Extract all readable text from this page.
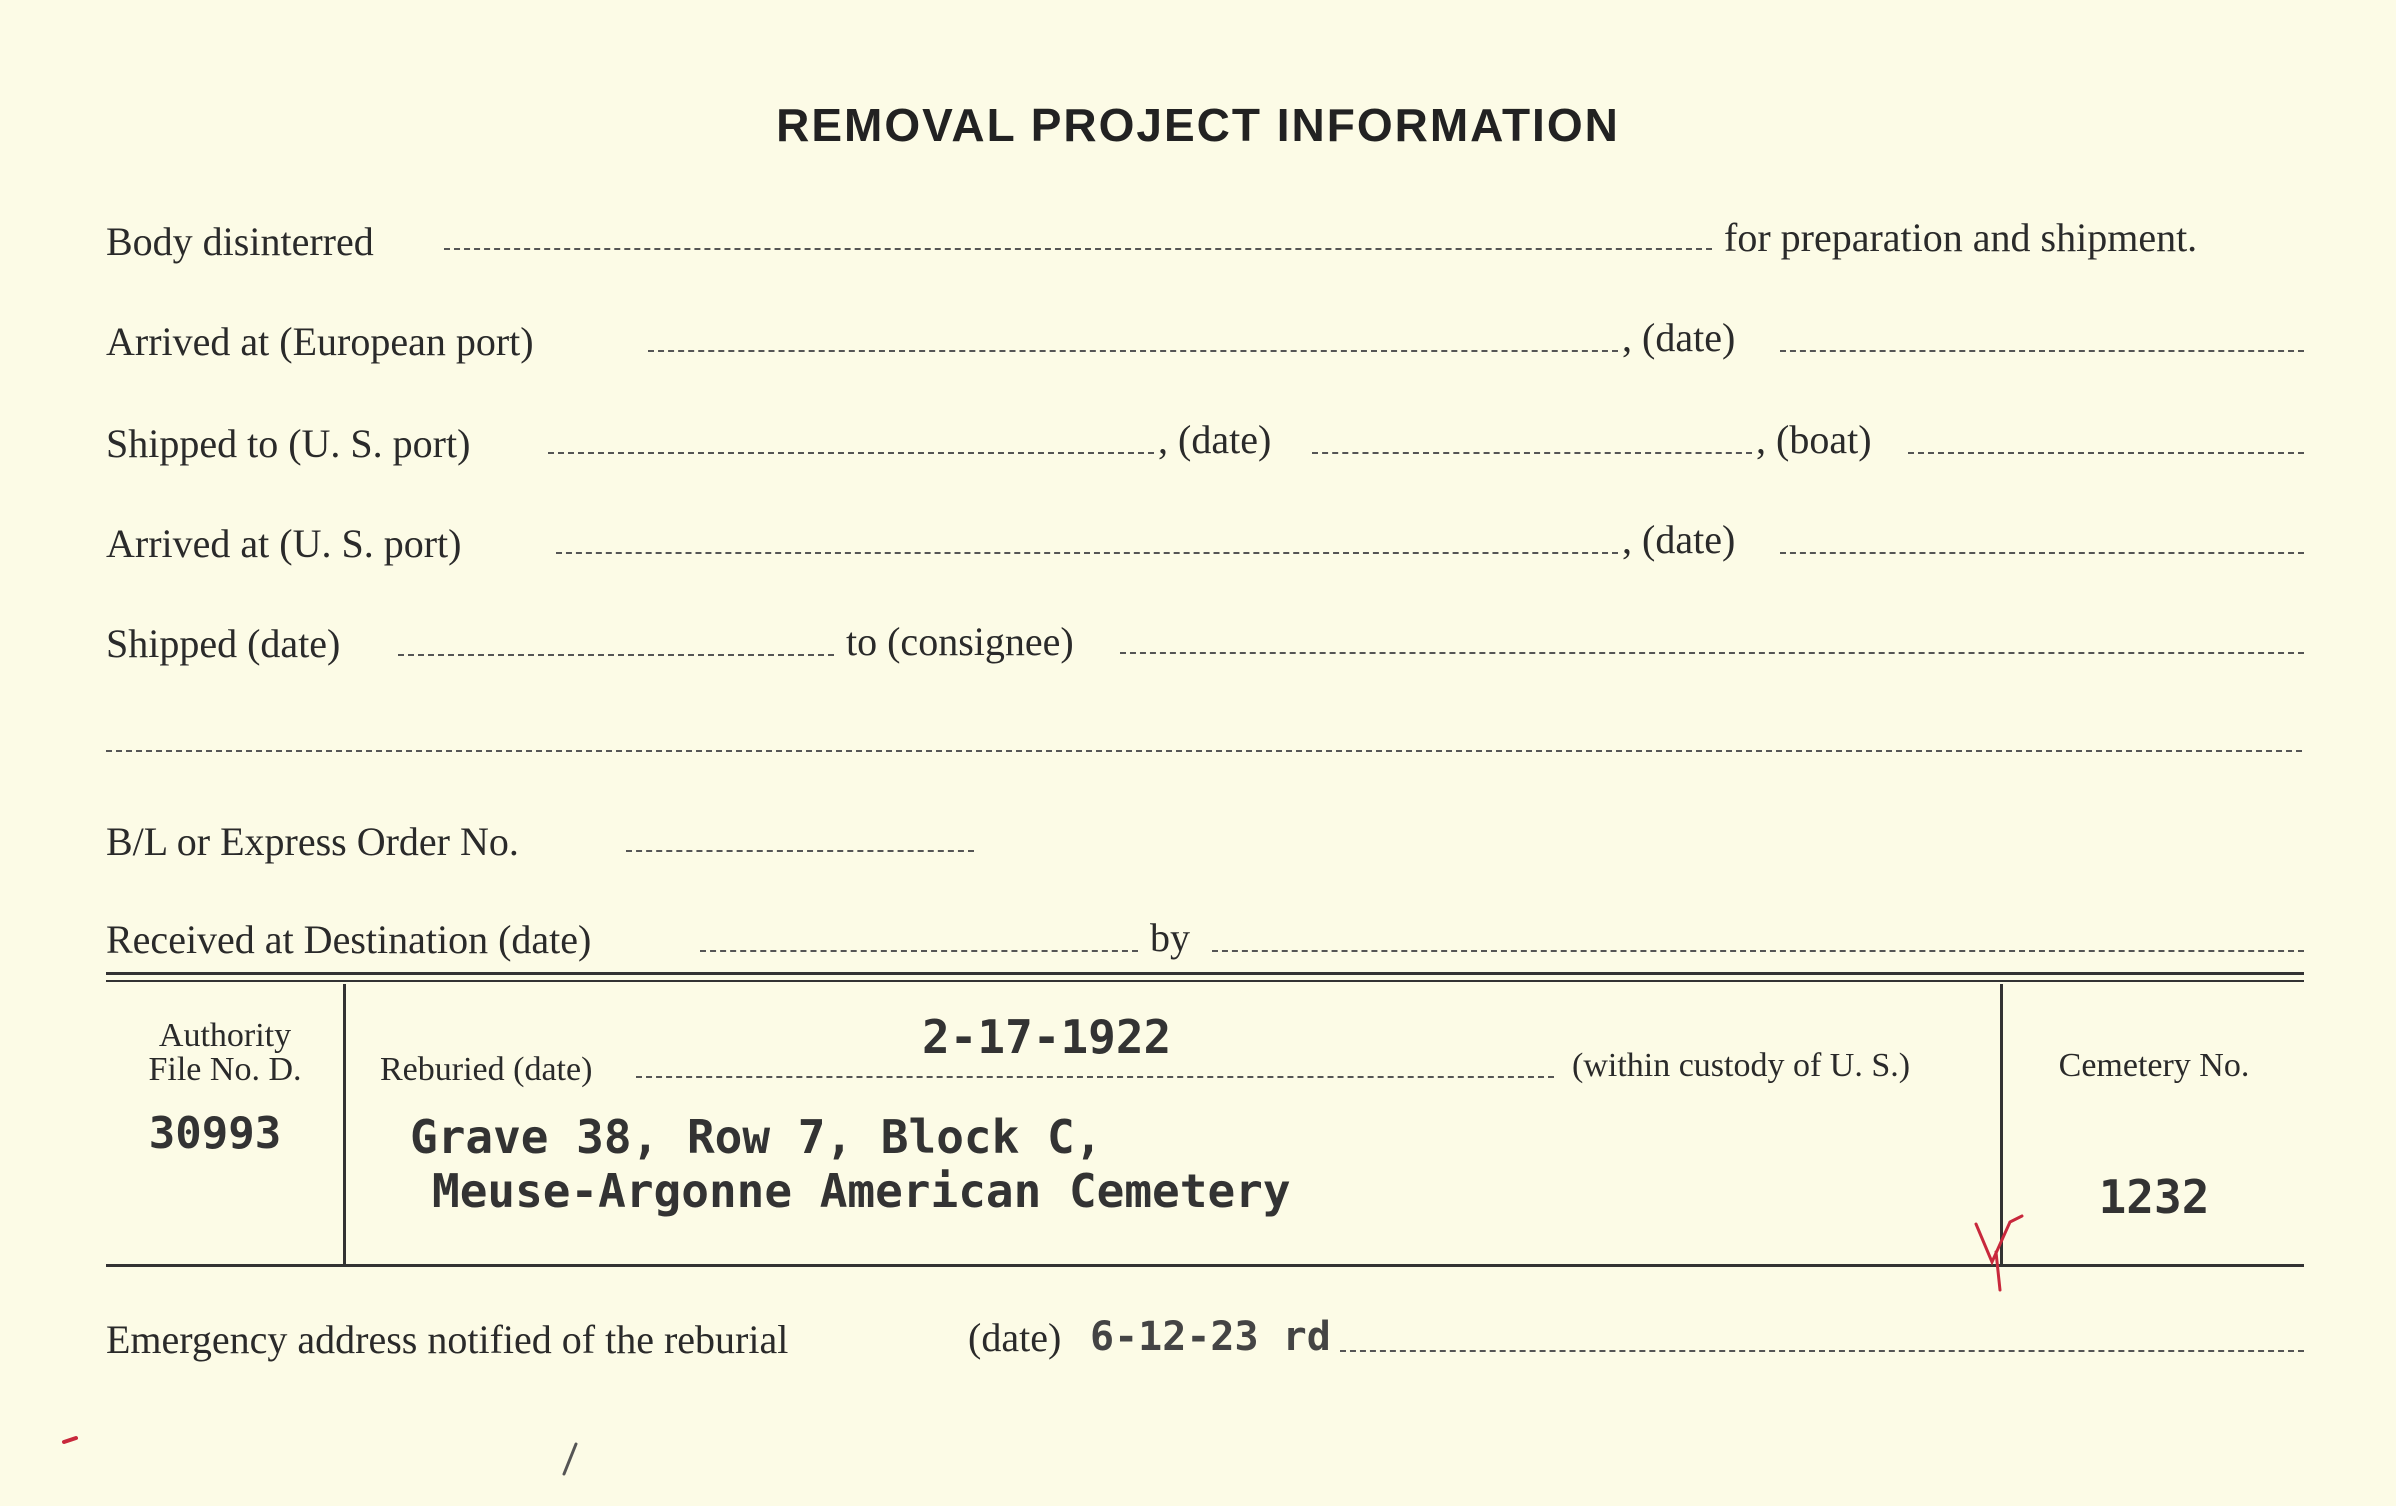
REMOVAL PROJECT INFORMATION
Body disinterred	for preparation and shipment.
Arrived at (European port)	, (date)
Shipped to (U. S. port)	, (date)	, (boat)
Arrived at (U. S. port)	, (date)
Shipped (date)	to (consignee)
B/L or Express Order No.
Received at Destination (date)	by
Authority
File No. D.
30993
Reburied (date)
2-17-1922
(within custody of U. S.)
Grave 38, Row 7, Block C,
Meuse-Argonne American Cemetery
Cemetery No.
1232
Emergency address notified of the reburial	(date) 6-12-23 rd
